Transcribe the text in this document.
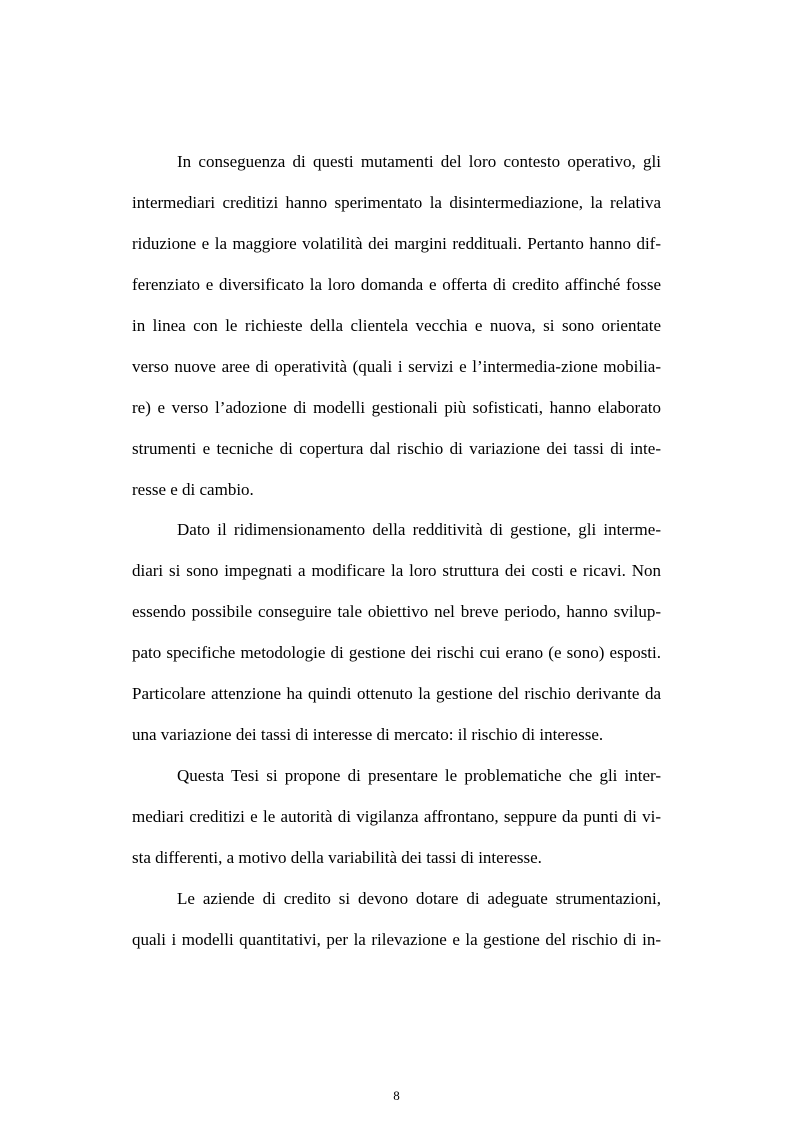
In conseguenza di questi mutamenti del loro contesto operativo, gli
intermediari creditizi hanno sperimentato la disintermediazione, la relativa
riduzione e la maggiore volatilità dei margini reddituali. Pertanto hanno dif-
ferenziato e diversificato la loro domanda e offerta di credito affinché fosse
in linea con le richieste della clientela vecchia e nuova, si sono orientate
verso nuove aree di operatività (quali i servizi e l’intermedia-zione mobilia-
re) e verso l’adozione di modelli gestionali più sofisticati, hanno elaborato
strumenti e tecniche di copertura dal rischio di variazione dei tassi di inte-
resse e di cambio.
Dato il ridimensionamento della redditività di gestione, gli interme-
diari si sono impegnati a modificare la loro struttura dei costi e ricavi. Non
essendo possibile conseguire tale obiettivo nel breve periodo, hanno svilup-
pato specifiche metodologie di gestione dei rischi cui erano (e sono) esposti.
Particolare attenzione ha quindi ottenuto la gestione del rischio derivante da
una variazione dei tassi di interesse di mercato: il rischio di interesse.
Questa Tesi si propone di presentare le problematiche che gli inter-
mediari creditizi e le autorità di vigilanza affrontano, seppure da punti di vi-
sta differenti, a motivo della variabilità dei tassi di interesse.
Le aziende di credito si devono dotare di adeguate strumentazioni,
quali i modelli quantitativi, per la rilevazione e la gestione del rischio di in-
8
